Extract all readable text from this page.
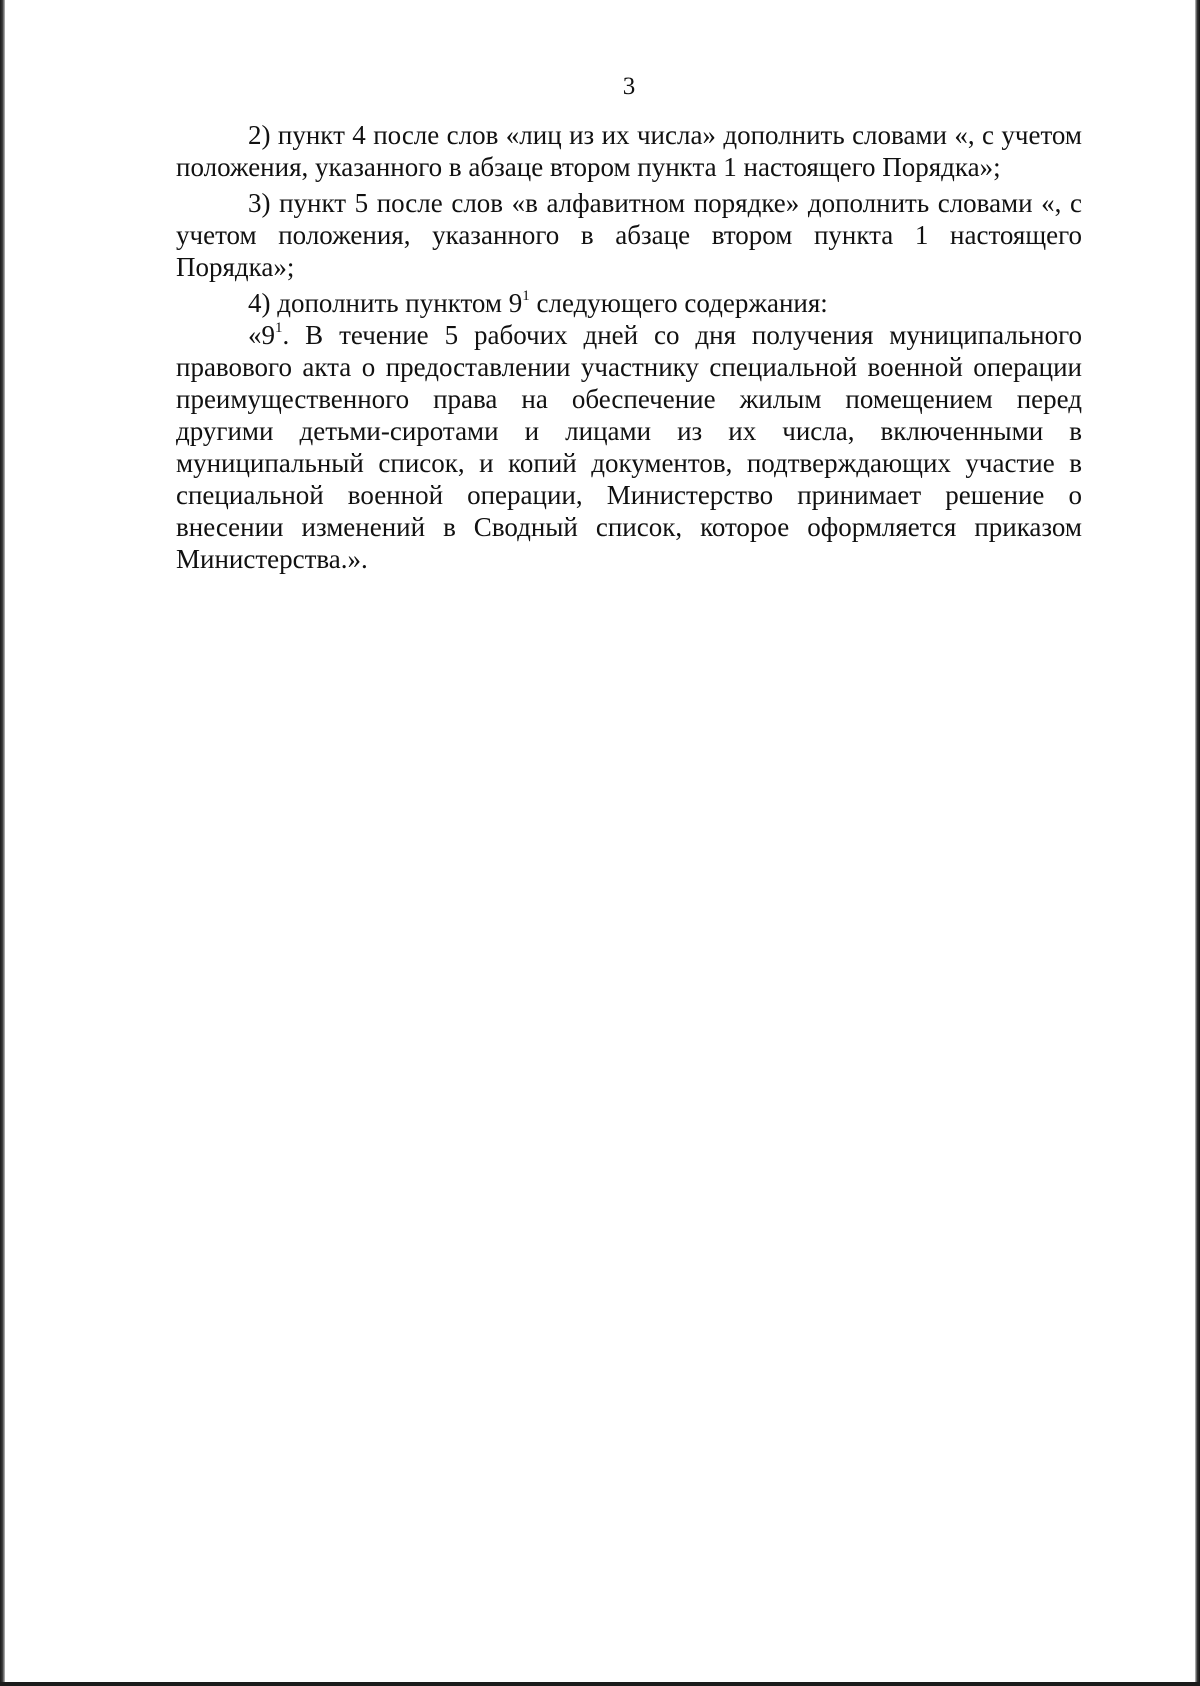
3

2) пункт 4 после слов «лиц из их числа» дополнить словами «, с учетом положения, указанного в абзаце втором пункта 1 настоящего Порядка»;

3) пункт 5 после слов «в алфавитном порядке» дополнить словами «, с учетом положения, указанного в абзаце втором пункта 1 настоящего Порядка»;

4) дополнить пунктом $9^1$ следующего содержания:

«$9^1$. В течение 5 рабочих дней со дня получения муниципального правового акта о предоставлении участнику специальной военной операции преимущественного права на обеспечение жилым помещением перед другими детьми-сиротами и лицами из их числа, включенными в муниципальный список, и копий документов, подтверждающих участие в специальной военной операции, Министерство принимает решение о внесении изменений в Сводный список, которое оформляется приказом Министерства.».
